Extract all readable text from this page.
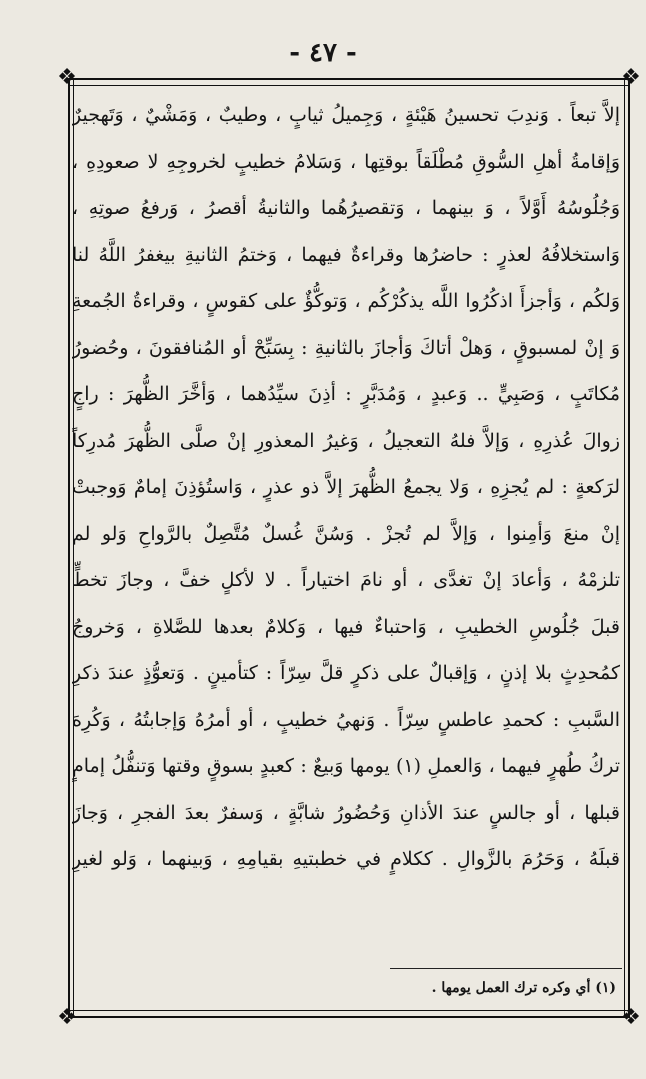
- ٤٧ -
❖	❖
❖	❖
إلاَّ تبعاً . وَندِبَ تحسينُ هَيْئةٍ ، وَجِميلُ ثيابٍ ، وطيبٌ ، وَمَشْيٌ ، وَتَهجيرٌ
وَإقامةُ أهلِ السُّوقِ مُطْلَقاً بوقتِها ، وَسَلامُ خطيبٍ لخروجِهِ لا صعودِهِ ،
وَجُلُوسُهُ أَوَّلاً ، وَ بينهما ، وَتقصيرُهُما والثانيةُ أقصرُ ، وَرفعُ صوتِهِ ،
وَاستخلافُهُ لعذرٍ : حاضرُها وقراءةٌ فيهما ، وَختمُ الثانيةِ بيغفرُ اللَّهُ لنا
وَلكُم ، وَأجزأَ اذكُرُوا اللَّه يذكُرْكُم ، وَتوكُّؤٌ على كقوسٍ ، وقراءةُ الجُمعةِ
وَ إنْ لمسبوقٍ ، وَهلْ أتاكَ وَأجازَ بالثانيةِ : بِسَبِّحْ أو المُنافقونَ ، وحُضورُ
مُكاتَبٍ ، وَصَبِيٍّ .. وَعبدٍ ، وَمُدَبَّرٍ : أذِنَ سيِّدُهما ، وَأخَّرَ الظُّهرَ : راجٍ
زوالَ عُذرِهِ ، وَإلاَّ فلهُ التعجيلُ ، وَغيرُ المعذورِ إنْ صلَّى الظُّهرَ مُدرِكاً
لرَكعةٍ : لم يُجزِهِ ، وَلا يجمعُ الظُّهرَ إلاَّ ذو عذرٍ ، وَاستُؤذِنَ إمامٌ وَوجبتْ
إنْ منعَ وَأمِنوا ، وَإلاَّ لم تُجزْ . وَسُنَّ غُسلٌ مُتَّصِلٌ بالرَّواحِ وَلو لم
تلزمْهُ ، وَأعادَ إنْ تغدَّى ، أو نامَ اختياراً . لا لأكلٍ خفَّ ، وجازَ تخطٍّ
قبلَ جُلُوسِ الخطيبِ ، وَاحتباءٌ فيها ، وَكلامٌ بعدها للصَّلاةِ ، وَخروجُ
كمُحدِثٍ بلا إذنٍ ، وَإقبالٌ على ذكرٍ قلَّ سِرّاً : كتأمينٍ . وَتعوُّذٍ عندَ ذكرِ
السَّببِ : كحمدِ عاطسٍ سِرّاً . وَنهيُ خطيبٍ ، أو أمرُهُ وَإجابتُهُ ، وَكُرِهَ
تركُ طُهرٍ فيهما ، وَالعملِ (١) يومها وَبيعٌ : كعبدٍ بسوقٍ وقتها وَتنفُّلُ إمامٍ
قبلها ، أو جالسٍ عندَ الأذانِ وَحُضُورُ شابَّةٍ ، وَسفرٌ بعدَ الفجرِ ، وَجازَ
قبلَهُ ، وَحَرُمَ بالزَّوالِ . ككلامٍ في خطبتيهِ بقيامِهِ ، وَبينهما ، وَلو لغيرِ
(١) أي وكره ترك العمل يومها .
